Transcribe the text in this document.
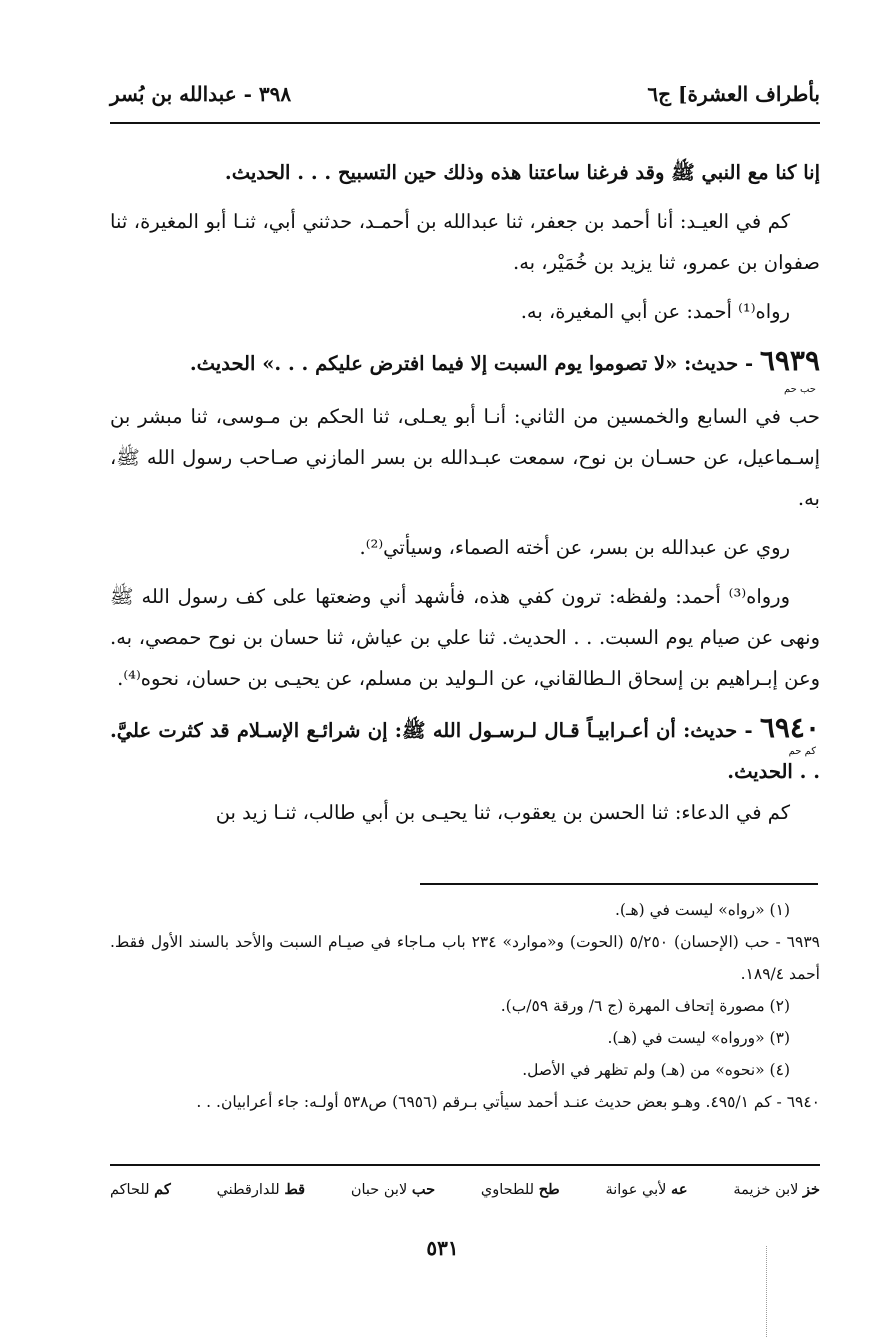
بأطراف العشرة] ج٦
٣٩٨ - عبدالله بن بُسر

إنا كنا مع النبي ﷺ وقد فرغنا ساعتنا هذه وذلك حين التسبيح . . . الحديث.

كم في العيـد: أنا أحمد بن جعفر، ثنا عبدالله بن أحمـد، حدثني أبي، ثنـا أبو المغيرة، ثنا صفوان بن عمرو، ثنا يزيد بن خُمَيْر، به.

رواه⁽¹⁾ أحمد: عن أبي المغيرة، به.

٦٩٣٩ - حديث: «لا تصوموا يوم السبت إلا فيما افترض عليكم . . .» الحديث.

حب حم

حب في السابع والخمسين من الثاني: أنـا أبو يعـلى، ثنا الحكم بن مـوسى، ثنا مبشر بن إسـماعيل، عن حسـان بن نوح، سمعت عبـدالله بن بسر المازني صـاحب رسول الله ﷺ، به.

روي عن عبدالله بن بسر، عن أخته الصماء، وسيأتي⁽²⁾.

ورواه⁽³⁾ أحمد: ولفظه: ترون كفي هذه، فأشهد أني وضعتها على كف رسول الله ﷺ ونهى عن صيام يوم السبت. . . الحديث. ثنا علي بن عياش، ثنا حسان بن نوح حمصي، به. وعن إبـراهيم بن إسحاق الـطالقاني، عن الـوليد بن مسلم، عن يحيـى بن حسان، نحوه⁽⁴⁾.

٦٩٤٠ - حديث: أن أعـرابيـاً قـال لـرسـول الله ﷺ: إن شرائـع الإسـلام قد كثرت عليَّ. . . الحديث.

كم حم

كم في الدعاء: ثنا الحسن بن يعقوب، ثنا يحيـى بن أبي طالب، ثنـا زيد بن

(١) «رواه» ليست في (هـ).

٦٩٣٩ - حب (الإحسان) ٥/٢٥٠ (الحوت) و«موارد» ٢٣٤ باب مـاجاء في صيـام السبت والأحد بالسند الأول فقط. أحمد ١٨٩/٤.

(٢) مصورة إتحاف المهرة (ج ٦/ ورقة ٥٩/ب).

(٣) «ورواه» ليست في (هـ).

(٤) «نحوه» من (هـ) ولم تظهر في الأصل.

٦٩٤٠ - كم ٤٩٥/١. وهـو بعض حديث عنـد أحمد سيأتي بـرقم (٦٩٥٦) ص٥٣٨ أولـه: جاء أعرابيان. . .

خز لابن خزيمة
عه لأبي عوانة
طح للطحاوي
حب لابن حبان
قط للدارقطني
كم للحاكم
٥٣١
